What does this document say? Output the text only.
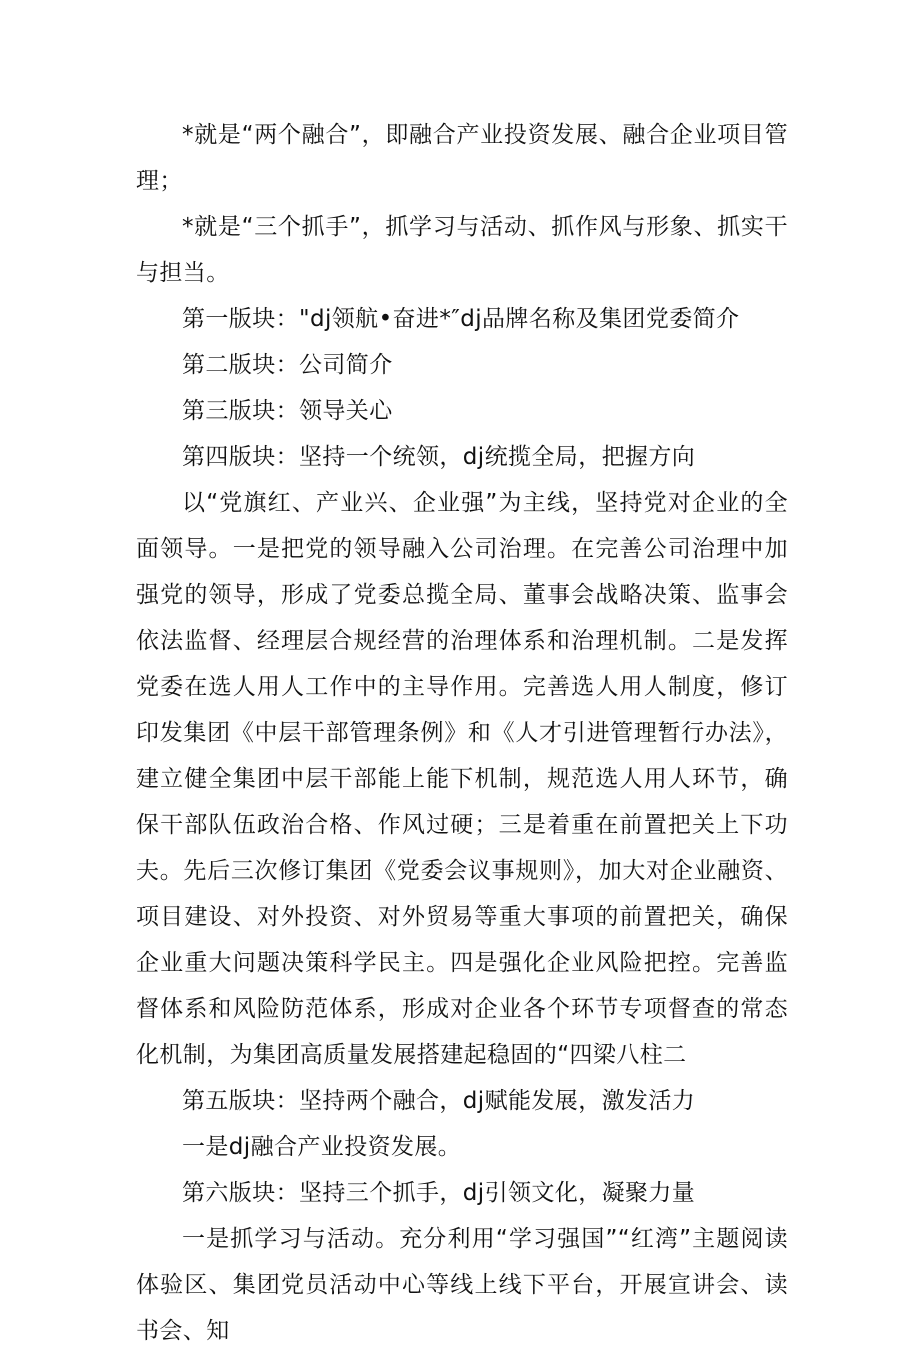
*就是“两个融合”，即融合产业投资发展、融合企业项目管理；

*就是“三个抓手”，抓学习与活动、抓作风与形象、抓实干与担当。

第一版块："dj领航•奋进*″dj品牌名称及集团党委简介

第二版块：公司简介

第三版块：领导关心

第四版块：坚持一个统领，dj统揽全局，把握方向

以“党旗红、产业兴、企业强”为主线，坚持党对企业的全面领导。一是把党的领导融入公司治理。在完善公司治理中加强党的领导，形成了党委总揽全局、董事会战略决策、监事会依法监督、经理层合规经营的治理体系和治理机制。二是发挥党委在选人用人工作中的主导作用。完善选人用人制度，修订印发集团《中层干部管理条例》和《人才引进管理暂行办法》，建立健全集团中层干部能上能下机制，规范选人用人环节，确保干部队伍政治合格、作风过硬；三是着重在前置把关上下功夫。先后三次修订集团《党委会议事规则》，加大对企业融资、项目建设、对外投资、对外贸易等重大事项的前置把关，确保企业重大问题决策科学民主。四是强化企业风险把控。完善监督体系和风险防范体系，形成对企业各个环节专项督查的常态化机制，为集团高质量发展搭建起稳固的“四梁八柱二

第五版块：坚持两个融合，dj赋能发展，激发活力

一是dj融合产业投资发展。

第六版块：坚持三个抓手，dj引领文化，凝聚力量

一是抓学习与活动。充分利用“学习强国”“红湾”主题阅读体验区、集团党员活动中心等线上线下平台，开展宣讲会、读书会、知
